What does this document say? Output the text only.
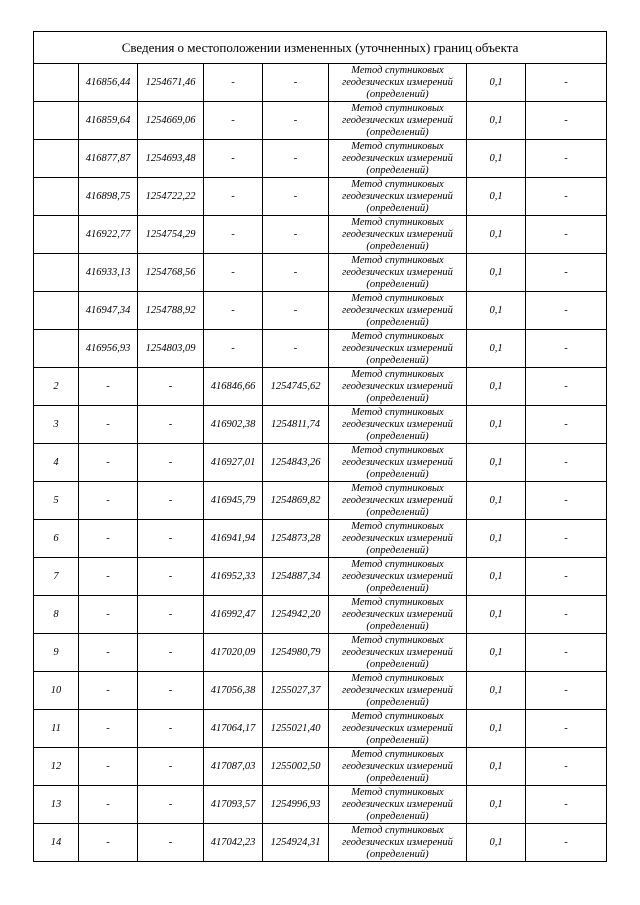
Сведения о местоположении измененных (уточненных) границ объекта							
	416856,44	1254671,46	-	-	Метод спутниковых
геодезических измерений
(определений)	0,1	-
	416859,64	1254669,06	-	-	Метод спутниковых
геодезических измерений
(определений)	0,1	-
	416877,87	1254693,48	-	-	Метод спутниковых
геодезических измерений
(определений)	0,1	-
	416898,75	1254722,22	-	-	Метод спутниковых
геодезических измерений
(определений)	0,1	-
	416922,77	1254754,29	-	-	Метод спутниковых
геодезических измерений
(определений)	0,1	-
	416933,13	1254768,56	-	-	Метод спутниковых
геодезических измерений
(определений)	0,1	-
	416947,34	1254788,92	-	-	Метод спутниковых
геодезических измерений
(определений)	0,1	-
	416956,93	1254803,09	-	-	Метод спутниковых
геодезических измерений
(определений)	0,1	-
2	-	-	416846,66	1254745,62	Метод спутниковых
геодезических измерений
(определений)	0,1	-
3	-	-	416902,38	1254811,74	Метод спутниковых
геодезических измерений
(определений)	0,1	-
4	-	-	416927,01	1254843,26	Метод спутниковых
геодезических измерений
(определений)	0,1	-
5	-	-	416945,79	1254869,82	Метод спутниковых
геодезических измерений
(определений)	0,1	-
6	-	-	416941,94	1254873,28	Метод спутниковых
геодезических измерений
(определений)	0,1	-
7	-	-	416952,33	1254887,34	Метод спутниковых
геодезических измерений
(определений)	0,1	-
8	-	-	416992,47	1254942,20	Метод спутниковых
геодезических измерений
(определений)	0,1	-
9	-	-	417020,09	1254980,79	Метод спутниковых
геодезических измерений
(определений)	0,1	-
10	-	-	417056,38	1255027,37	Метод спутниковых
геодезических измерений
(определений)	0,1	-
11	-	-	417064,17	1255021,40	Метод спутниковых
геодезических измерений
(определений)	0,1	-
12	-	-	417087,03	1255002,50	Метод спутниковых
геодезических измерений
(определений)	0,1	-
13	-	-	417093,57	1254996,93	Метод спутниковых
геодезических измерений
(определений)	0,1	-
14	-	-	417042,23	1254924,31	Метод спутниковых
геодезических измерений
(определений)	0,1	-
